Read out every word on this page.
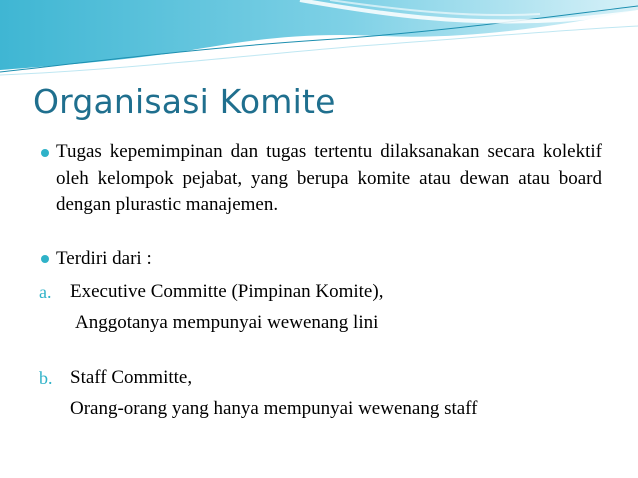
Organisasi Komite

Tugas kepemimpinan dan tugas tertentu dilaksanakan secara kolektif oleh kelompok pejabat, yang berupa komite atau dewan atau board dengan plurastic manajemen.

Terdiri dari :

a. Executive Committe (Pimpinan Komite),

Anggotanya mempunyai wewenang lini

b. Staff Committe,

Orang-orang yang hanya mempunyai wewenang staff
